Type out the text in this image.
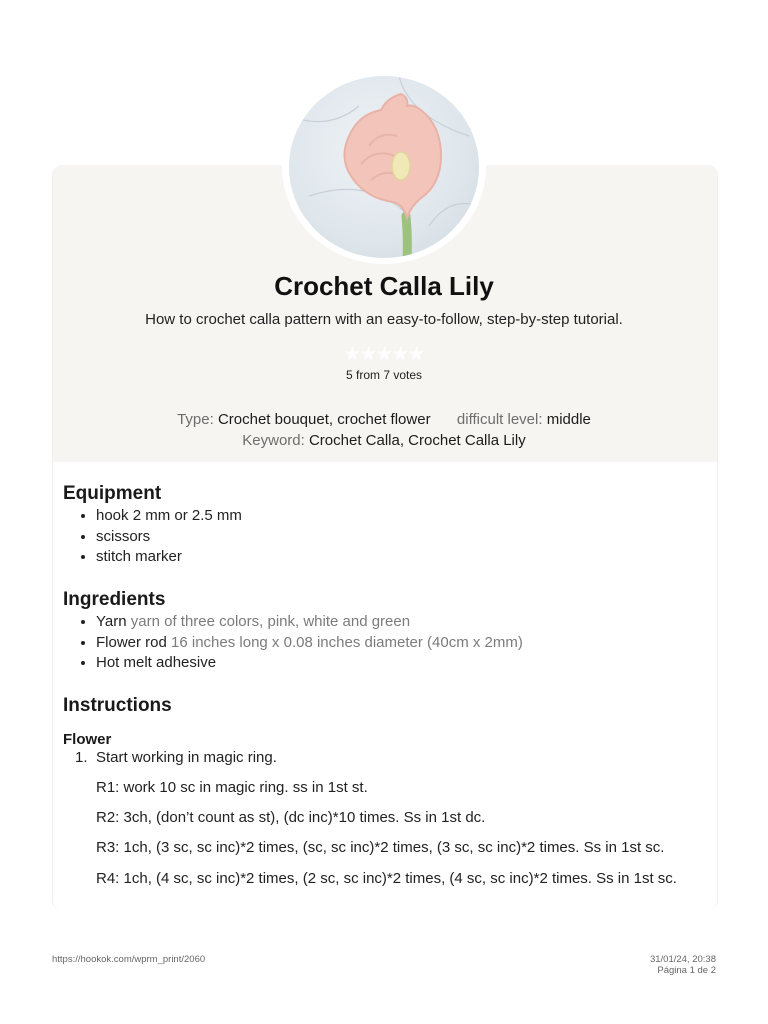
Crochet Calla Lily
How to crochet calla pattern with an easy-to-follow, step-by-step tutorial.
★★★★★
5 from 7 votes
Type: Crochet bouquet, crochet flower difficult level: middle
Keyword: Crochet Calla, Crochet Calla Lily
Equipment
• hook 2 mm or 2.5 mm
• scissors
• stitch marker
Ingredients
• Yarn yarn of three colors, pink, white and green
• Flower rod 16 inches long x 0.08 inches diameter (40cm x 2mm)
• Hot melt adhesive
Instructions
Flower
1. Start working in magic ring.
R1: work 10 sc in magic ring. ss in 1st st.
R2: 3ch, (don’t count as st), (dc inc)*10 times. Ss in 1st dc.
R3: 1ch, (3 sc, sc inc)*2 times, (sc, sc inc)*2 times, (3 sc, sc inc)*2 times. Ss in 1st sc.
R4: 1ch, (4 sc, sc inc)*2 times, (2 sc, sc inc)*2 times, (4 sc, sc inc)*2 times. Ss in 1st sc.
https://hookok.com/wprm_print/2060	31/01/24, 20:38
Página 1 de 2
